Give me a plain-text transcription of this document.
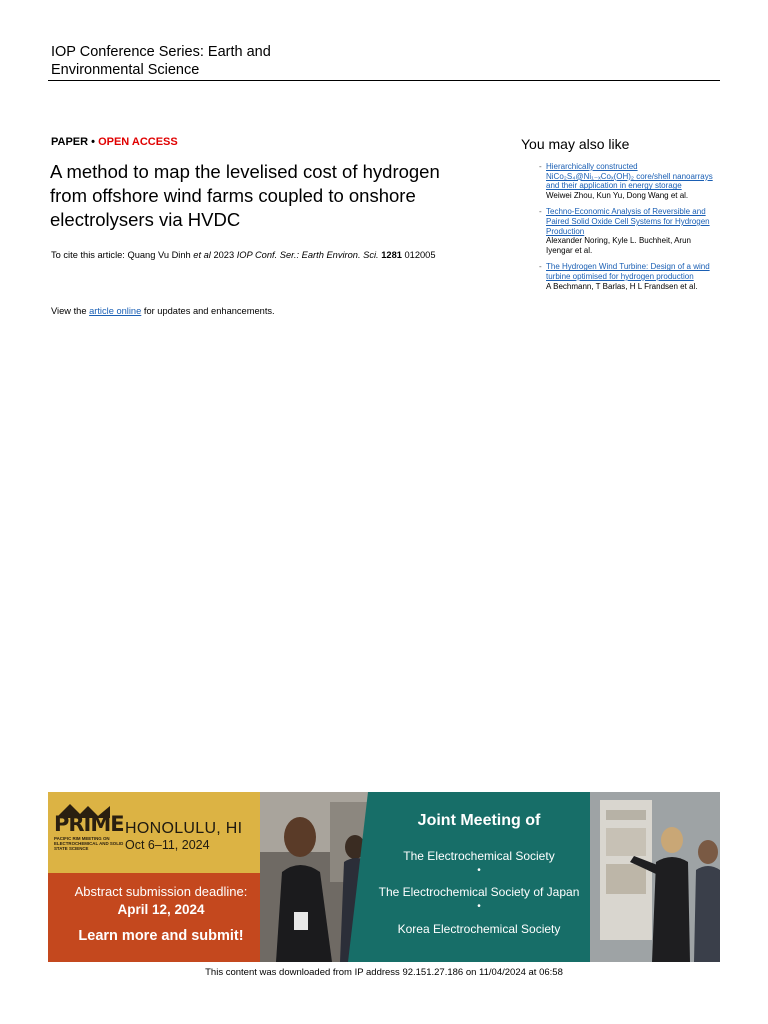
IOP Conference Series: Earth and
Environmental Science
PAPER • OPEN ACCESS
A method to map the levelised cost of hydrogen
from offshore wind farms coupled to onshore
electrolysers via HVDC
To cite this article: Quang Vu Dinh et al 2023 IOP Conf. Ser.: Earth Environ. Sci. 1281 012005
View the article online for updates and enhancements.
You may also like
- Hierarchically constructed NiCo₂S₄@Ni₁₋ₓCoₓ(OH)₂ core/shell nanoarrays and their application in energy storage
Weiwei Zhou, Kun Yu, Dong Wang et al.
- Techno-Economic Analysis of Reversible and Paired Solid Oxide Cell Systems for Hydrogen Production
Alexander Noring, Kyle L. Buchheit, Arun Iyengar et al.
- The Hydrogen Wind Turbine: Design of a wind turbine optimised for hydrogen production
A Bechmann, T Barlas, H L Frandsen et al.
PRIME
PACIFIC RIM MEETING ON ELECTROCHEMICAL AND SOLID STATE SCIENCE
HONOLULU, HI
Oct 6–11, 2024
Abstract submission deadline:
April 12, 2024
Learn more and submit!
Joint Meeting of
The Electrochemical Society
•
The Electrochemical Society of Japan
•
Korea Electrochemical Society
This content was downloaded from IP address 92.151.27.186 on 11/04/2024 at 06:58
